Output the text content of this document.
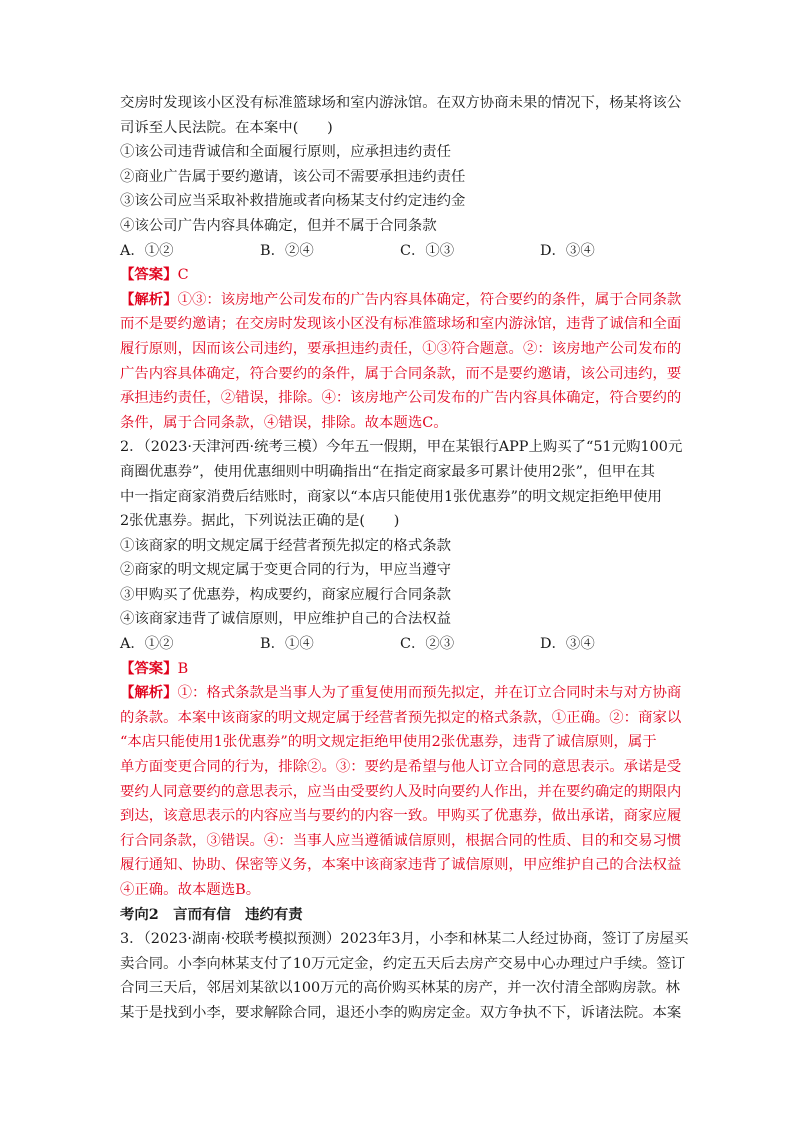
交房时发现该小区没有标准篮球场和室内游泳馆。在双方协商未果的情况下，杨某将该公
司诉至人民法院。在本案中(　　)
①该公司违背诚信和全面履行原则，应承担违约责任
②商业广告属于要约邀请，该公司不需要承担违约责任
③该公司应当采取补救措施或者向杨某支付约定违约金
④该公司广告内容具体确定，但并不属于合同条款
A．①②	B．②④	C．①③	D．③④
【答案】C
【解析】①③：该房地产公司发布的广告内容具体确定，符合要约的条件，属于合同条款
而不是要约邀请；在交房时发现该小区没有标准篮球场和室内游泳馆，违背了诚信和全面
履行原则，因而该公司违约，要承担违约责任，①③符合题意。②：该房地产公司发布的
广告内容具体确定，符合要约的条件，属于合同条款，而不是要约邀请，该公司违约，要
承担违约责任，②错误，排除。④：该房地产公司发布的广告内容具体确定，符合要约的
条件，属于合同条款，④错误，排除。故本题选C。
2．（2023·天津河西·统考三模）今年五一假期，甲在某银行APP上购买了“51元购100元
商圈优惠券”，使用优惠细则中明确指出“在指定商家最多可累计使用2张”，但甲在其
中一指定商家消费后结账时，商家以“本店只能使用1张优惠券”的明文规定拒绝甲使用
2张优惠券。据此，下列说法正确的是(　　)
①该商家的明文规定属于经营者预先拟定的格式条款
②商家的明文规定属于变更合同的行为，甲应当遵守
③甲购买了优惠券，构成要约，商家应履行合同条款
④该商家违背了诚信原则，甲应维护自己的合法权益
A．①②	B．①④	C．②③	D．③④
【答案】B
【解析】①：格式条款是当事人为了重复使用而预先拟定，并在订立合同时未与对方协商
的条款。本案中该商家的明文规定属于经营者预先拟定的格式条款，①正确。②：商家以
“本店只能使用1张优惠券”的明文规定拒绝甲使用2张优惠券，违背了诚信原则，属于
单方面变更合同的行为，排除②。③：要约是希望与他人订立合同的意思表示。承诺是受
要约人同意要约的意思表示，应当由受要约人及时向要约人作出，并在要约确定的期限内
到达，该意思表示的内容应当与要约的内容一致。甲购买了优惠券，做出承诺，商家应履
行合同条款，③错误。④：当事人应当遵循诚信原则，根据合同的性质、目的和交易习惯
履行通知、协助、保密等义务，本案中该商家违背了诚信原则，甲应维护自己的合法权益
④正确。故本题选B。
考向2　言而有信　违约有责
3．（2023·湖南·校联考模拟预测）2023年3月，小李和林某二人经过协商，签订了房屋买
卖合同。小李向林某支付了10万元定金，约定五天后去房产交易中心办理过户手续。签订
合同三天后，邻居刘某欲以100万元的高价购买林某的房产，并一次付清全部购房款。林
某于是找到小李，要求解除合同，退还小李的购房定金。双方争执不下，诉诸法院。本案
